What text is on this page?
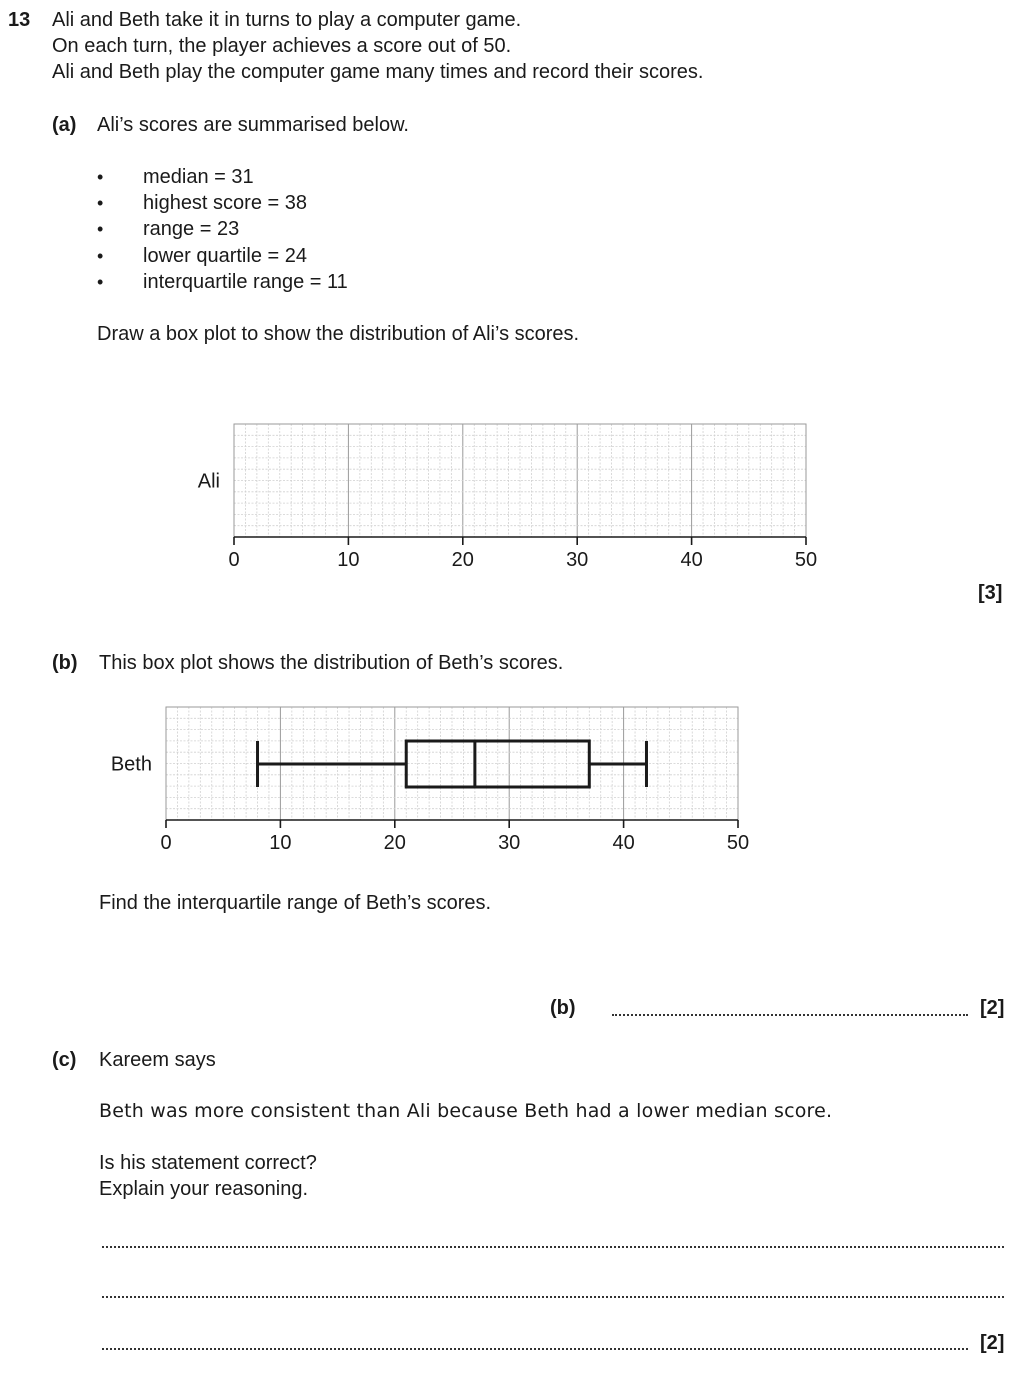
13 Ali and Beth take it in turns to play a computer game.
On each turn, the player achieves a score out of 50.
Ali and Beth play the computer game many times and record their scores.
(a) Ali’s scores are summarised below.
• median = 31
• highest score = 38
• range = 23
• lower quartile = 24
• interquartile range = 11
Draw a box plot to show the distribution of Ali’s scores.
0	10	20	30	40	50
Ali
[3]
(b) This box plot shows the distribution of Beth’s scores.
0	10	20	30	40	50
Beth
Find the interquartile range of Beth’s scores.
(b)	[2]
(c) Kareem says
Beth was more consistent than Ali because Beth had a lower median score.
Is his statement correct?
Explain your reasoning.
[2]
